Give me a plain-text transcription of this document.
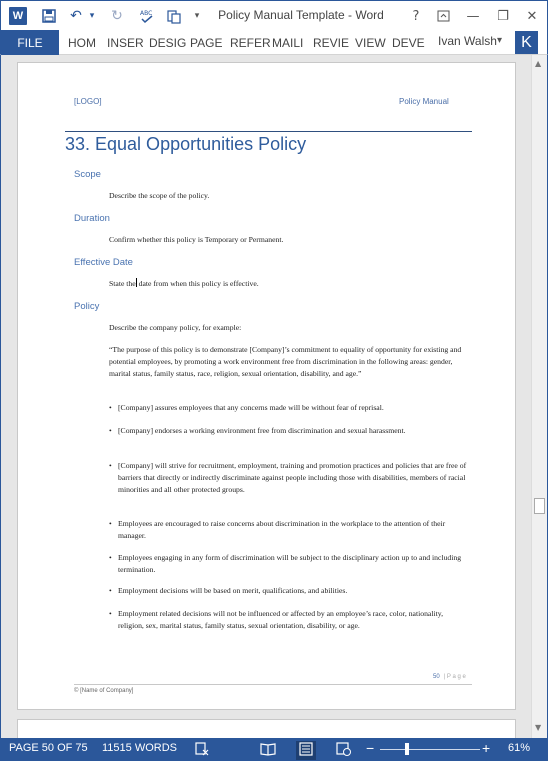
W	↶ ▾ ↻	ABC	▾	Policy Manual Template - Word	?	—	❐	✕
FILE	HOM INSER DESIG PAGE REFER MAILI REVIE VIEW DEVE Ivan Walsh ▾	K
[LOGO]	Policy Manual
33. Equal Opportunities Policy
Scope
Describe the scope of the policy.
Duration
Confirm whether this policy is Temporary or Permanent.
Effective Date
State the date from when this policy is effective.
Policy
Describe the company policy, for example:
“The purpose of this policy is to demonstrate [Company]’s commitment to equality of opportunity for existing and potential employees, by promoting a work environment free from discrimination in the following areas: gender, marital status, family status, race, religion, sexual orientation, disability, and age.”
• [Company] assures employees that any concerns made will be without fear of reprisal.
• [Company] endorses a working environment free from discrimination and sexual harassment.
• [Company] will strive for recruitment, employment, training and promotion practices and policies that are free of barriers that directly or indirectly discriminate against people including those with disabilities, members of racial minorities and all other protected groups.
• Employees are encouraged to raise concerns about discrimination in the workplace to the attention of their manager.
• Employees engaging in any form of discrimination will be subject to the disciplinary action up to and including termination.
• Employment decisions will be based on merit, qualifications, and abilities.
• Employment related decisions will not be influenced or affected by an employee’s race, color, nationality, religion, sex, marital status, family status, sexual orientation, disability, or age.
50 | P a g e
© [Name of Company]
▲
▼
PAGE 50 OF 75 11515 WORDS	−	+ 61%
